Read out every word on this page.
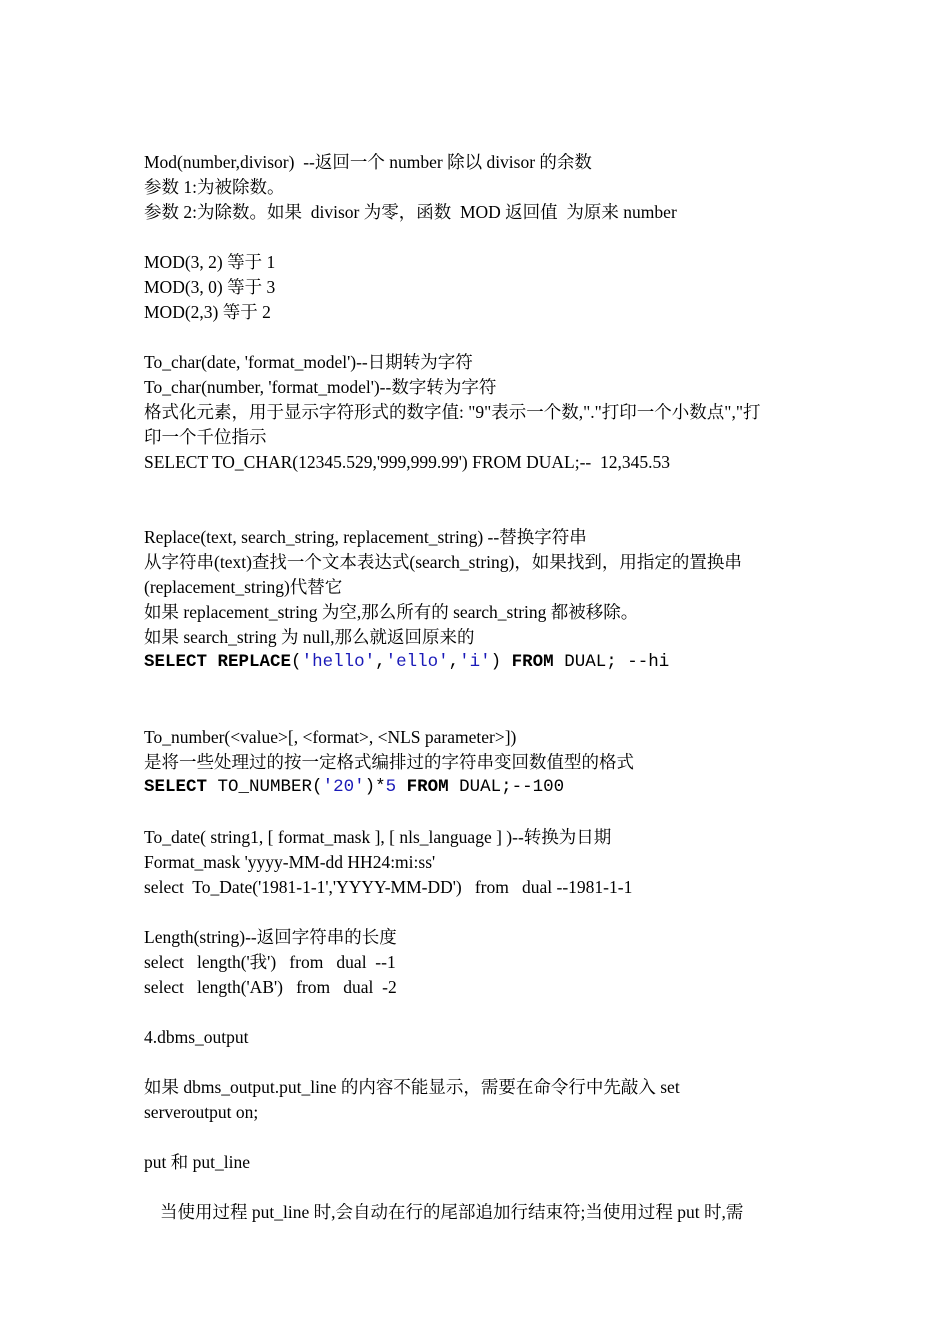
Mod(number,divisor)  --返回一个 number 除以 divisor 的余数
参数 1:为被除数。
参数 2:为除数。如果  divisor 为零，函数  MOD 返回值  为原来 number
MOD(3, 2) 等于 1
MOD(3, 0) 等于 3
MOD(2,3) 等于 2
To_char(date, 'format_model')--日期转为字符
To_char(number, 'format_model')--数字转为字符
格式化元素，用于显示字符形式的数字值: "9"表示一个数,"."打印一个小数点","打印一个千位指示
SELECT TO_CHAR(12345.529,'999,999.99') FROM DUAL;--  12,345.53
Replace(text, search_string, replacement_string) --替换字符串
从字符串(text)查找一个文本表达式(search_string)，如果找到，用指定的置换串(replacement_string)代替它
如果 replacement_string 为空,那么所有的 search_string 都被移除。
如果 search_string 为 null,那么就返回原来的
SELECT REPLACE('hello','ello','i') FROM DUAL; --hi
To_number(<value>[, <format>, <NLS parameter>])
是将一些处理过的按一定格式编排过的字符串变回数值型的格式
SELECT TO_NUMBER('20')*5 FROM DUAL;--100
To_date( string1, [ format_mask ], [ nls_language ] )--转换为日期
Format_mask 'yyyy-MM-dd HH24:mi:ss'
select  To_Date('1981-1-1','YYYY-MM-DD')   from   dual --1981-1-1
Length(string)--返回字符串的长度
select   length('我')   from   dual  --1
select   length('AB')   from   dual  -2
4.dbms_output
如果 dbms_output.put_line 的内容不能显示，需要在命令行中先敲入 set serveroutput on;
put 和 put_line
当使用过程 put_line 时,会自动在行的尾部追加行结束符;当使用过程 put 时,需
